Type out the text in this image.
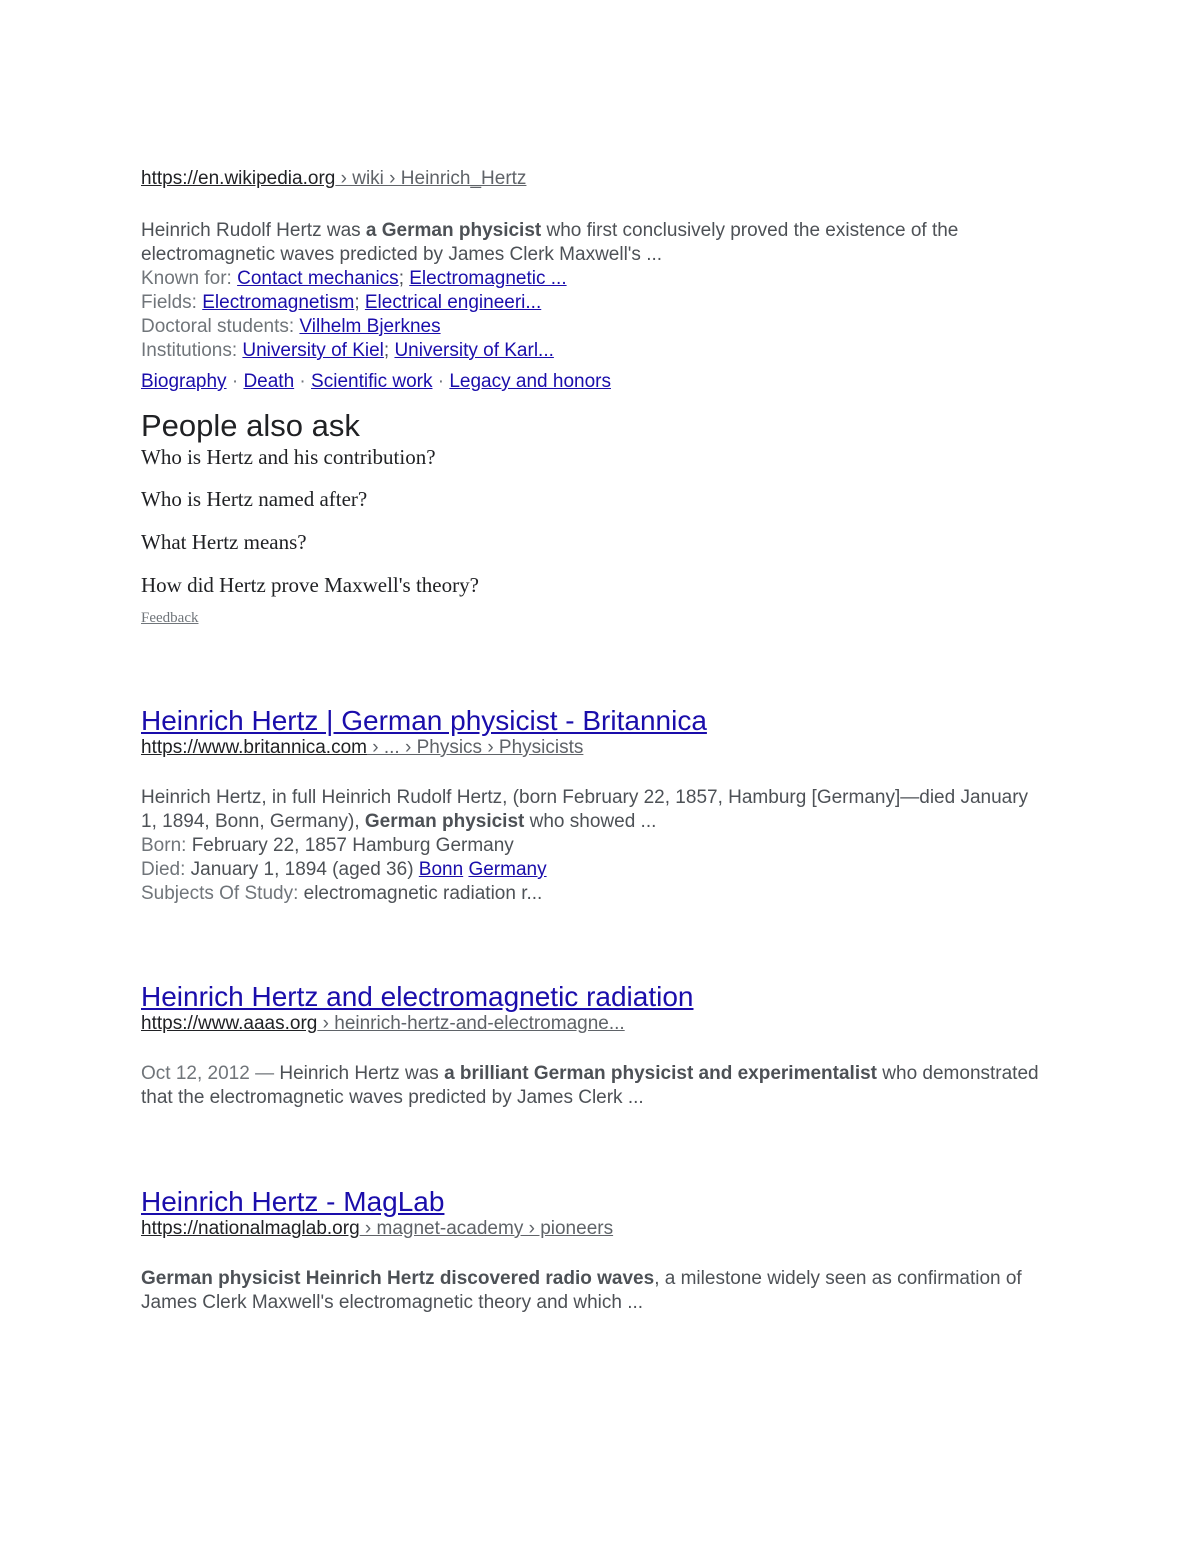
https://en.wikipedia.org › wiki › Heinrich_Hertz
Heinrich Rudolf Hertz was a German physicist who first conclusively proved the existence of the electromagnetic waves predicted by James Clerk Maxwell's ...
Known for: Contact mechanics; Electromagnetic ...
Fields: Electromagnetism; Electrical engineeri...
Doctoral students: Vilhelm Bjerknes
Institutions: University of Kiel; University of Karl...
Biography · Death · Scientific work · Legacy and honors
People also ask
Who is Hertz and his contribution?
Who is Hertz named after?
What Hertz means?
How did Hertz prove Maxwell's theory?
Feedback
Heinrich Hertz | German physicist - Britannica
https://www.britannica.com › ... › Physics › Physicists
Heinrich Hertz, in full Heinrich Rudolf Hertz, (born February 22, 1857, Hamburg [Germany]—died January 1, 1894, Bonn, Germany), German physicist who showed ...
Born: February 22, 1857 Hamburg Germany
Died: January 1, 1894 (aged 36) Bonn Germany
Subjects Of Study: electromagnetic radiation r...
Heinrich Hertz and electromagnetic radiation
https://www.aaas.org › heinrich-hertz-and-electromagne...
Oct 12, 2012 — Heinrich Hertz was a brilliant German physicist and experimentalist who demonstrated that the electromagnetic waves predicted by James Clerk ...
Heinrich Hertz - MagLab
https://nationalmaglab.org › magnet-academy › pioneers
German physicist Heinrich Hertz discovered radio waves, a milestone widely seen as confirmation of James Clerk Maxwell's electromagnetic theory and which ...
